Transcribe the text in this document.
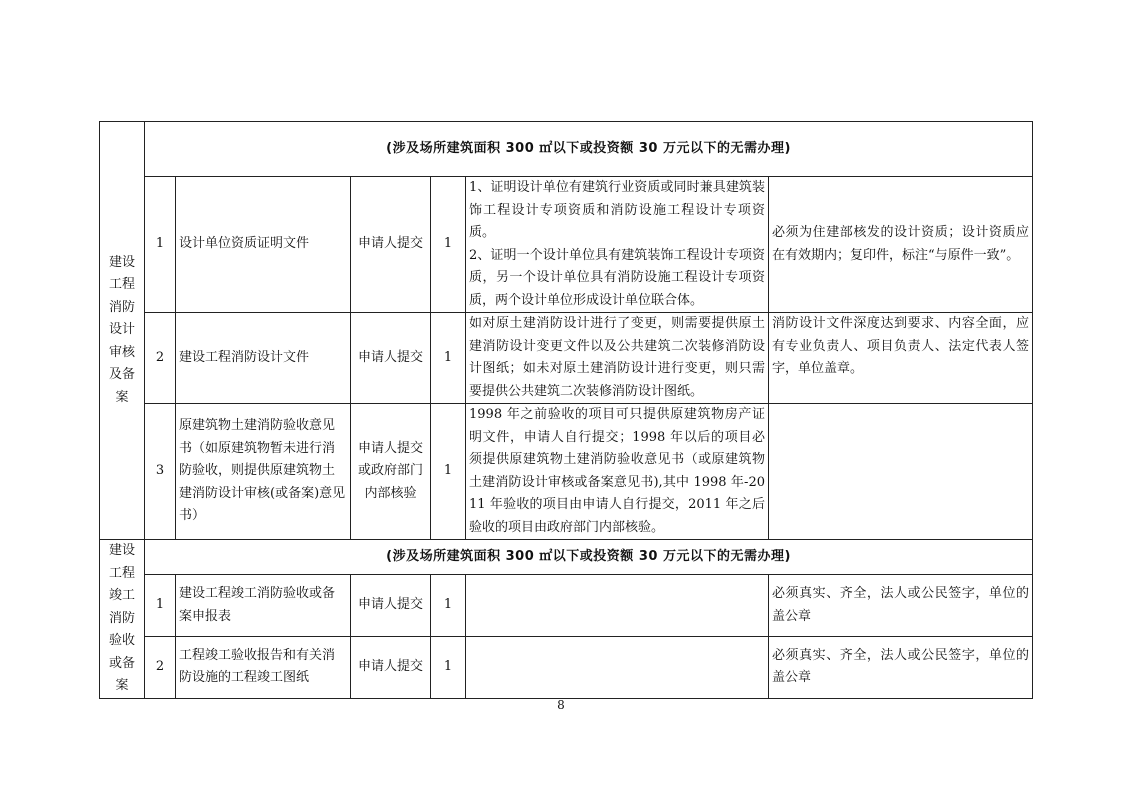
建设工程消防设计审核及备案	(涉及场所建筑面积 300 ㎡以下或投资额 30 万元以下的无需办理)					
	1	设计单位资质证明文件	申请人提交	1	1、证明设计单位有建筑行业资质或同时兼具建筑装饰工程设计专项资质和消防设施工程设计专项资质。
2、证明一个设计单位具有建筑装饰工程设计专项资质，另一个设计单位具有消防设施工程设计专项资质，两个设计单位形成设计单位联合体。	必须为住建部核发的设计资质；设计资质应在有效期内；复印件，标注“与原件一致”。
	2	建设工程消防设计文件	申请人提交	1	如对原土建消防设计进行了变更，则需要提供原土建消防设计变更文件以及公共建筑二次装修消防设计图纸；如未对原土建消防设计进行变更，则只需要提供公共建筑二次装修消防设计图纸。	消防设计文件深度达到要求、内容全面，应有专业负责人、项目负责人、法定代表人签字，单位盖章。
	3	原建筑物土建消防验收意见书（如原建筑物暂未进行消防验收，则提供原建筑物土建消防设计审核(或备案)意见书）	申请人提交或政府部门内部核验	1	1998 年之前验收的项目可只提供原建筑物房产证明文件，申请人自行提交；1998 年以后的项目必须提供原建筑物土建消防验收意见书（或原建筑物土建消防设计审核或备案意见书),其中 1998 年-2011 年验收的项目由申请人自行提交，2011 年之后验收的项目由政府部门内部核验。	
建设工程竣工消防验收或备案	(涉及场所建筑面积 300 ㎡以下或投资额 30 万元以下的无需办理)					
	1	建设工程竣工消防验收或备案申报表	申请人提交	1		必须真实、齐全，法人或公民签字，单位的盖公章
	2	工程竣工验收报告和有关消防设施的工程竣工图纸	申请人提交	1		必须真实、齐全，法人或公民签字，单位的盖公章
8
